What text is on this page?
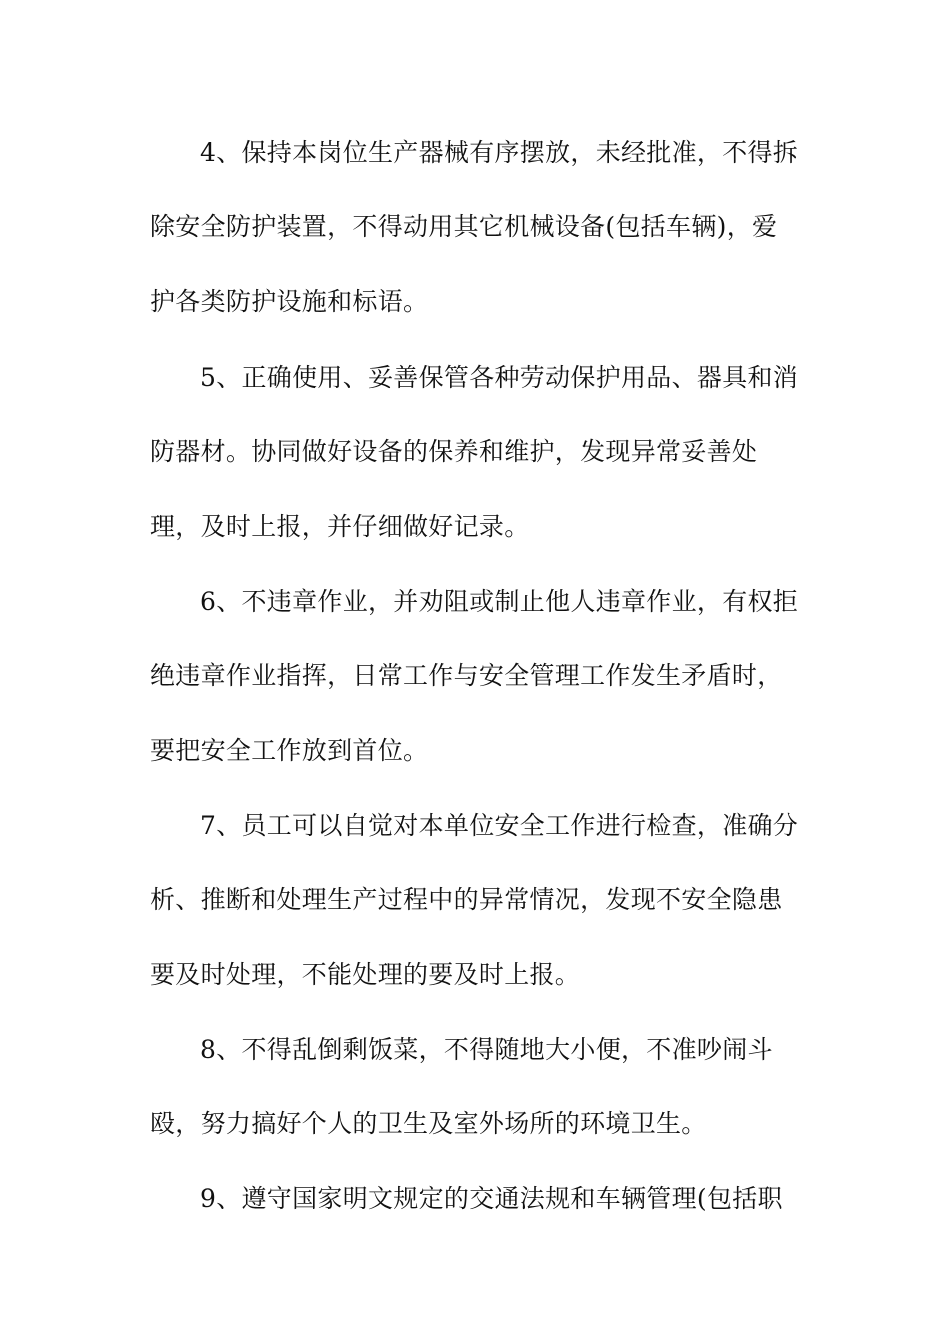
4、保持本岗位生产器械有序摆放，未经批准，不得拆
除安全防护装置，不得动用其它机械设备(包括车辆)，爱
护各类防护设施和标语。
5、正确使用、妥善保管各种劳动保护用品、器具和消
防器材。协同做好设备的保养和维护，发现异常妥善处
理，及时上报，并仔细做好记录。
6、不违章作业，并劝阻或制止他人违章作业，有权拒
绝违章作业指挥，日常工作与安全管理工作发生矛盾时，
要把安全工作放到首位。
7、员工可以自觉对本单位安全工作进行检查，准确分
析、推断和处理生产过程中的异常情况，发现不安全隐患
要及时处理，不能处理的要及时上报。
8、不得乱倒剩饭菜，不得随地大小便，不准吵闹斗
殴，努力搞好个人的卫生及室外场所的环境卫生。
9、遵守国家明文规定的交通法规和车辆管理(包括职
